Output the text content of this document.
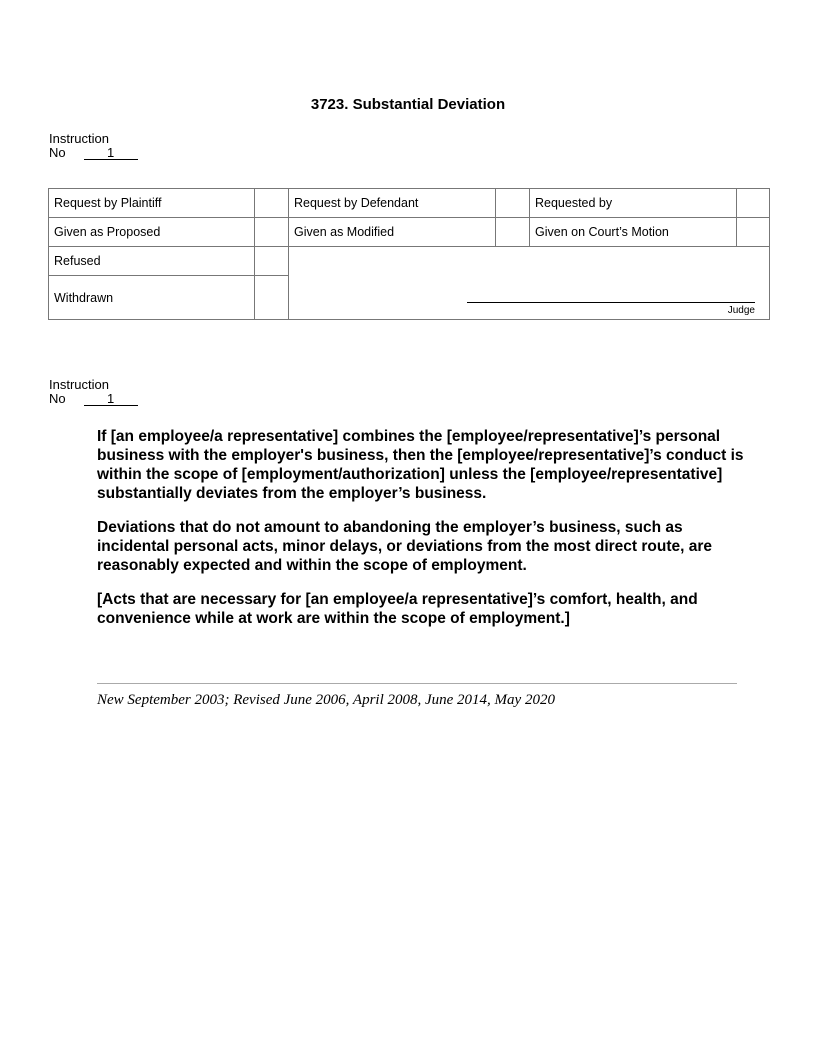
3723. Substantial Deviation
Instruction
No	1
Request by Plaintiff		Request by Defendant		Requested by	
Given as Proposed		Given as Modified		Given on Court’s Motion	
Refused		Judge			

Withdrawn					
Instruction
No	1

If [an employee/a representative] combines the [employee/representative]’s personal business with the employer's business, then the [employee/representative]’s conduct is within the scope of [employment/authorization] unless the [employee/representative] substantially deviates from the employer’s business.

Deviations that do not amount to abandoning the employer’s business, such as incidental personal acts, minor delays, or deviations from the most direct route, are reasonably expected and within the scope of employment.

[Acts that are necessary for [an employee/a representative]’s comfort, health, and convenience while at work are within the scope of employment.]

New September 2003; Revised June 2006, April 2008, June 2014, May 2020
